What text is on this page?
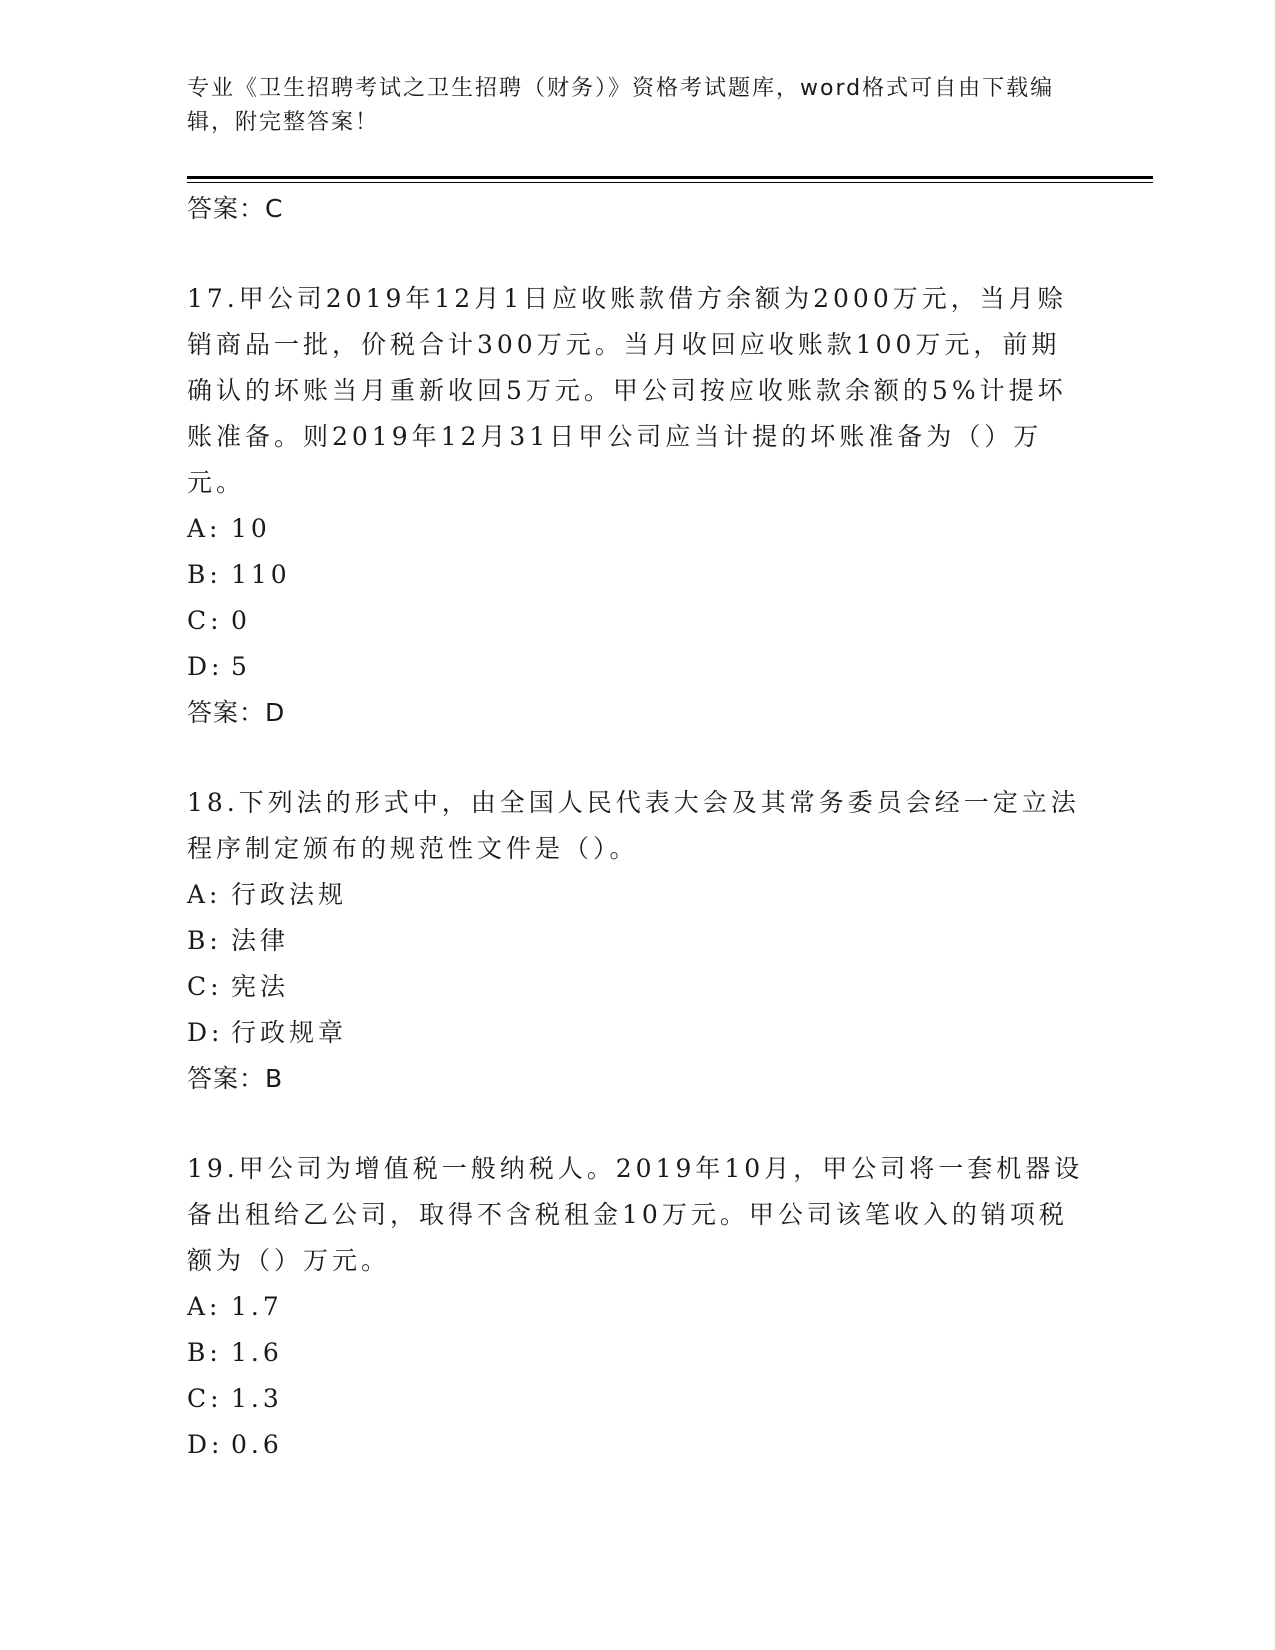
专业《卫生招聘考试之卫生招聘（财务）》资格考试题库，word格式可自由下载编辑，附完整答案！
答案：C
17.甲公司2019年12月1日应收账款借方余额为2000万元，当月赊销商品一批，价税合计300万元。当月收回应收账款100万元，前期确认的坏账当月重新收回5万元。甲公司按应收账款余额的5%计提坏账准备。则2019年12月31日甲公司应当计提的坏账准备为（）万元。
A: 10
B: 110
C: 0
D: 5
答案：D
18.下列法的形式中，由全国人民代表大会及其常务委员会经一定立法程序制定颁布的规范性文件是（）。
A: 行政法规
B: 法律
C: 宪法
D: 行政规章
答案：B
19.甲公司为增值税一般纳税人。2019年10月，甲公司将一套机器设备出租给乙公司，取得不含税租金10万元。甲公司该笔收入的销项税额为（）万元。
A: 1.7
B: 1.6
C: 1.3
D: 0.6
